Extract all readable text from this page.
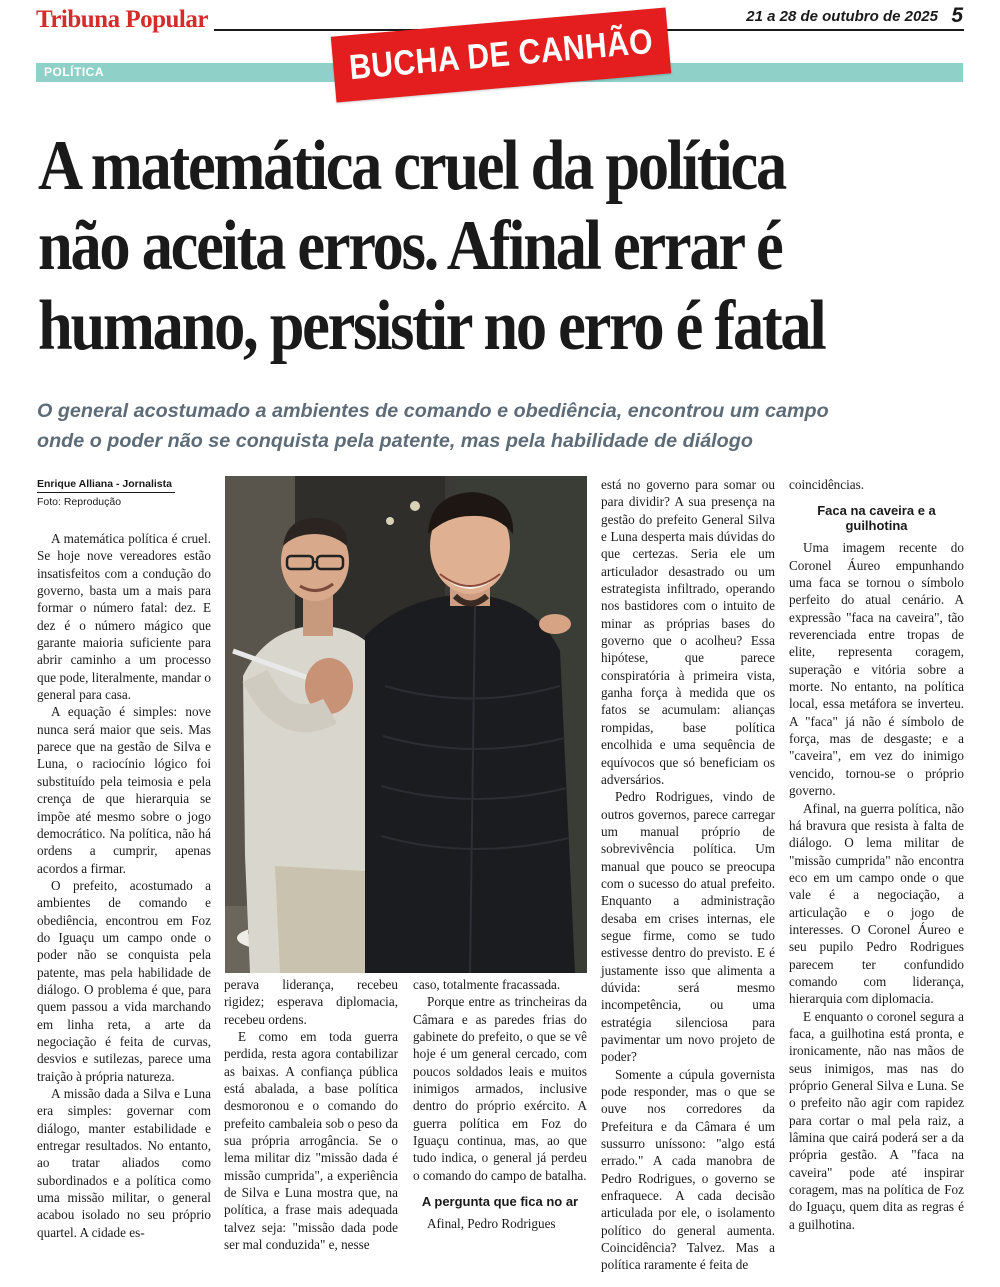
Tribuna Popular	21 a 28 de outubro de 2025 5
POLÍTICA	BUCHA DE CANHÃO
A matemática cruel da política
não aceita erros. Afinal errar é
humano, persistir no erro é fatal
O general acostumado a ambientes de comando e obediência, encontrou um campo
onde o poder não se conquista pela patente, mas pela habilidade de diálogo
Enrique Alliana - Jornalista
Foto: Reprodução

A matemática política é cruel. Se hoje nove vereadores estão insatisfeitos com a condução do governo, basta um a mais para formar o número fatal: dez. E dez é o número mágico que garante maioria suficiente para abrir caminho a um processo que pode, literalmente, mandar o general para casa.

A equação é simples: nove nunca será maior que seis. Mas parece que na gestão de Silva e Luna, o raciocínio lógico foi substituído pela teimosia e pela crença de que hierarquia se impõe até mesmo sobre o jogo democrático. Na política, não há ordens a cumprir, apenas acordos a firmar.

O prefeito, acostumado a ambientes de comando e obediência, encontrou em Foz do Iguaçu um campo onde o poder não se conquista pela patente, mas pela habilidade de diálogo. O problema é que, para quem passou a vida marchando em linha reta, a arte da negociação é feita de curvas, desvios e sutilezas, parece uma traição à própria natureza.

A missão dada a Silva e Luna era simples: governar com diálogo, manter estabilidade e entregar resultados. No entanto, ao tratar aliados como subordinados e a política como uma missão militar, o general acabou isolado no seu próprio quartel. A cidade es-

perava liderança, recebeu rigidez; esperava diplomacia, recebeu ordens.

E como em toda guerra perdida, resta agora contabilizar as baixas. A confiança pública está abalada, a base política desmoronou e o comando do prefeito cambaleia sob o peso da sua própria arrogância. Se o lema militar diz "missão dada é missão cumprida", a experiência de Silva e Luna mostra que, na política, a frase mais adequada talvez seja: "missão dada pode ser mal conduzida" e, nesse

caso, totalmente fracassada.

Porque entre as trincheiras da Câmara e as paredes frias do gabinete do prefeito, o que se vê hoje é um general cercado, com poucos soldados leais e muitos inimigos armados, inclusive dentro do próprio exército. A guerra política em Foz do Iguaçu continua, mas, ao que tudo indica, o general já perdeu o comando do campo de batalha.

A pergunta que fica no ar

Afinal, Pedro Rodrigues

está no governo para somar ou para dividir? A sua presença na gestão do prefeito General Silva e Luna desperta mais dúvidas do que certezas. Seria ele um articulador desastrado ou um estrategista infiltrado, operando nos bastidores com o intuito de minar as próprias bases do governo que o acolheu? Essa hipótese, que parece conspiratória à primeira vista, ganha força à medida que os fatos se acumulam: alianças rompidas, base política encolhida e uma sequência de equívocos que só beneficiam os adversários.

Pedro Rodrigues, vindo de outros governos, parece carregar um manual próprio de sobrevivência política. Um manual que pouco se preocupa com o sucesso do atual prefeito. Enquanto a administração desaba em crises internas, ele segue firme, como se tudo estivesse dentro do previsto. E é justamente isso que alimenta a dúvida: será mesmo incompetência, ou uma estratégia silenciosa para pavimentar um novo projeto de poder?

Somente a cúpula governista pode responder, mas o que se ouve nos corredores da Prefeitura e da Câmara é um sussurro uníssono: "algo está errado." A cada manobra de Pedro Rodrigues, o governo se enfraquece. A cada decisão articulada por ele, o isolamento político do general aumenta. Coincidência? Talvez. Mas a política raramente é feita de

coincidências.

Faca na caveira e a guilhotina

Uma imagem recente do Coronel Áureo empunhando uma faca se tornou o símbolo perfeito do atual cenário. A expressão "faca na caveira", tão reverenciada entre tropas de elite, representa coragem, superação e vitória sobre a morte. No entanto, na política local, essa metáfora se inverteu. A "faca" já não é símbolo de força, mas de desgaste; e a "caveira", em vez do inimigo vencido, tornou-se o próprio governo.

Afinal, na guerra política, não há bravura que resista à falta de diálogo. O lema militar de "missão cumprida" não encontra eco em um campo onde o que vale é a negociação, a articulação e o jogo de interesses. O Coronel Áureo e seu pupilo Pedro Rodrigues parecem ter confundido comando com liderança, hierarquia com diplomacia.

E enquanto o coronel segura a faca, a guilhotina está pronta, e ironicamente, não nas mãos de seus inimigos, mas nas do próprio General Silva e Luna. Se o prefeito não agir com rapidez para cortar o mal pela raiz, a lâmina que cairá poderá ser a da própria gestão. A "faca na caveira" pode até inspirar coragem, mas na política de Foz do Iguaçu, quem dita as regras é a guilhotina.
